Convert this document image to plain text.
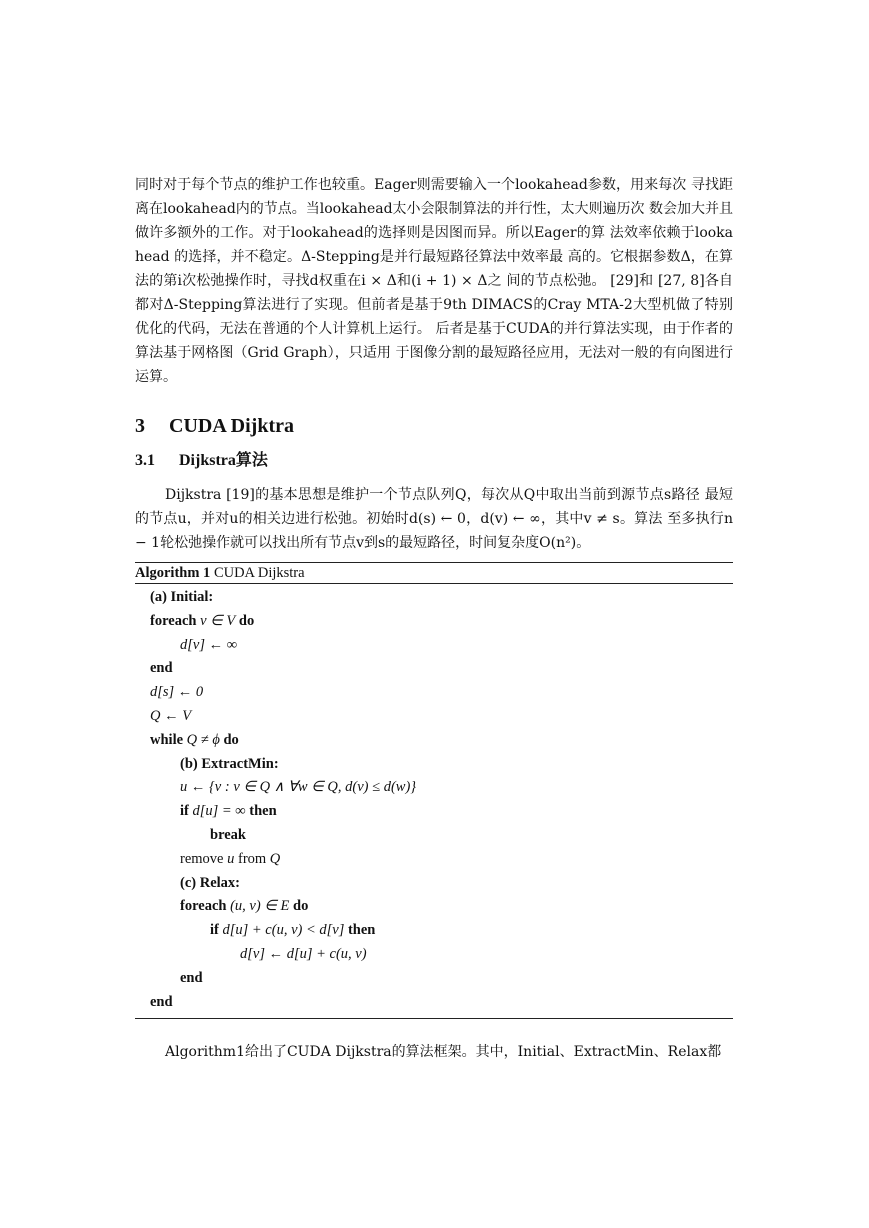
同时对于每个节点的维护工作也较重。Eager则需要输入一个lookahead参数，用来每次 寻找距离在lookahead内的节点。当lookahead太小会限制算法的并行性，太大则遍历次 数会加大并且做许多额外的工作。对于lookahead的选择则是因图而异。所以Eager的算 法效率依赖于lookahead 的选择，并不稳定。Δ-Stepping是并行最短路径算法中效率最 高的。它根据参数Δ，在算法的第i次松弛操作时，寻找d权重在i × Δ和(i + 1) × Δ之 间的节点松弛。 [29]和 [27, 8]各自都对Δ-Stepping算法进行了实现。但前者是基于9th DIMACS的Cray MTA-2大型机做了特别优化的代码，无法在普通的个人计算机上运行。 后者是基于CUDA的并行算法实现，由于作者的算法基于网格图（Grid Graph），只适用 于图像分割的最短路径应用，无法对一般的有向图进行运算。
3 CUDA Dijktra
3.1 Dijkstra算法
Dijkstra [19]的基本思想是维护一个节点队列Q，每次从Q中取出当前到源节点s路径 最短的节点u，并对u的相关边进行松弛。初始时d(s) ← 0，d(v) ← ∞，其中v ≠ s。算法 至多执行n − 1轮松弛操作就可以找出所有节点v到s的最短路径，时间复杂度O(n²)。
Algorithm 1 CUDA Dijkstra
(a) Initial:
foreach v ∈ V do
d[v] ← ∞
end
d[s] ← 0
Q ← V
while Q ≠ ϕ do
(b) ExtractMin:
u ← {v : v ∈ Q ∧ ∀w ∈ Q, d(v) ≤ d(w)}
if d[u] = ∞ then
break
remove u from Q
(c) Relax:
foreach (u, v) ∈ E do
if d[u] + c(u, v) < d[v] then
d[v] ← d[u] + c(u, v)
end
end
Algorithm1给出了CUDA Dijkstra的算法框架。其中，Initial、ExtractMin、Relax都
